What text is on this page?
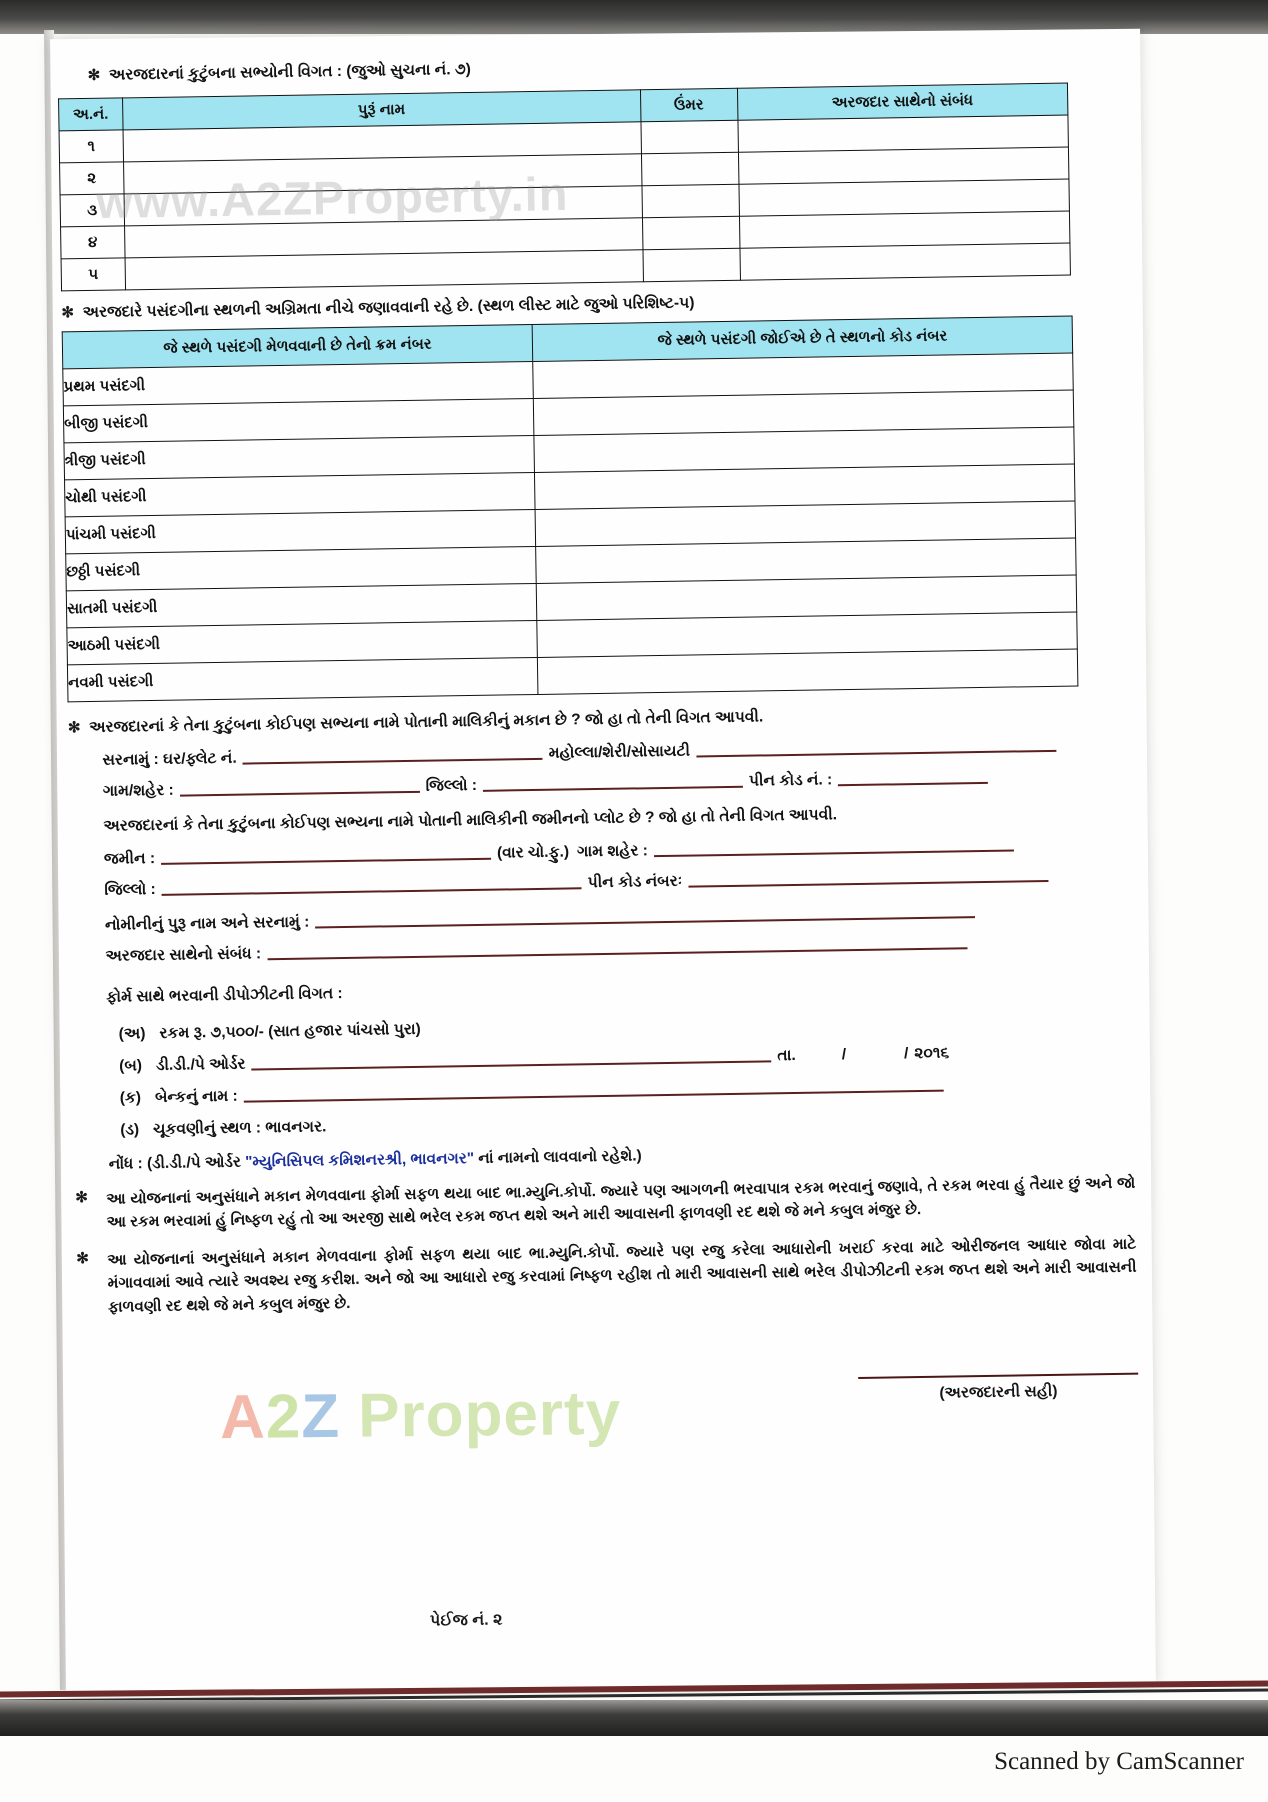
✻ અરજદારનાં કુટુંબના સભ્યોની વિગત : (જુઓ સુચના નં. ૭)
અ.નં.	પુરૂં નામ	ઉંમર	અરજદાર સાથેનો સંબંધ
૧			
૨			
૩			
૪			
૫			
✻ અરજદારે પસંદગીના સ્થળની અગ્રિમતા નીચે જણાવવાની રહે છે. (સ્થળ લીસ્ટ માટે જુઓ પરિશિષ્ટ-૫)
જે સ્થળે પસંદગી મેળવવાની છે તેનો ક્રમ નંબર	જે સ્થળે પસંદગી જોઈએ છે તે સ્થળનો કોડ નંબર
પ્રથમ પસંદગી	
બીજી પસંદગી	
ત્રીજી પસંદગી	
ચોથી પસંદગી	
પાંચમી પસંદગી	
છઠ્ઠી પસંદગી	
સાતમી પસંદગી	
આઠમી પસંદગી	
નવમી પસંદગી	
✻ અરજદારનાં કે તેના કુટુંબના કોઈપણ સભ્યના નામે પોતાની માલિકીનું મકાન છે ? જો હા તો તેની વિગત આપવી.
સરનામું : ઘર/ફ્લેટ નં.	મહોલ્લા/શેરી/સોસાયટી
ગામ/શહેર :	જિલ્લો :	પીન કોડ નં. :
અરજદારનાં કે તેના કુટુંબના કોઈપણ સભ્યના નામે પોતાની માલિકીની જમીનનો પ્લોટ છે ? જો હા તો તેની વિગત આપવી.
જમીન :	(વાર ચો.ફુ.) ગામ શહેર :
જિલ્લો :	પીન કોડ નંબરઃ
નોમીનીનું પુરૂ નામ અને સરનામું :
અરજદાર સાથેનો સંબંધ :
ફોર્મ સાથે ભરવાની ડીપોઝીટની વિગત :
(અ) રકમ રૂ. ૭,૫૦૦/- (સાત હજાર પાંચસો પુરા)
(બ) ડી.ડી./પે ઓર્ડર
તા.	/	/ ૨૦૧૬
(ક) બેન્કનું નામ :
(ડ) ચૂકવણીનું સ્થળ : ભાવનગર.
નોંધ : (ડી.ડી./પે ઓર્ડર "મ્યુનિસિપલ કમિશનરશ્રી, ભાવનગર" નાં નામનો લાવવાનો રહેશે.)
✻	આ યોજનાનાં અનુસંધાને મકાન મેળવવાના ફોર્મા સફળ થયા બાદ ભા.મ્યુનિ.કોર્પો. જ્યારે પણ આગળની ભરવાપાત્ર રકમ ભરવાનું જણાવે, તે રકમ ભરવા હું તૈયાર છું અને જો આ રકમ ભરવામાં હું નિષ્ફળ રહું તો આ અરજી સાથે ભરેલ રકમ જપ્ત થશે અને મારી આવાસની ફાળવણી રદ થશે જે મને કબુલ મંજુર છે.
✻	આ યોજનાનાં અનુસંધાને મકાન મેળવવાના ફોર્મા સફળ થયા બાદ ભા.મ્યુનિ.કોર્પો. જ્યારે પણ રજુ કરેલા આધારોની ખરાઈ કરવા માટે ઓરીજનલ આધાર જોવા માટે મંગાવવામાં આવે ત્યારે અવશ્ય રજુ કરીશ. અને જો આ આધારો રજુ કરવામાં નિષ્ફળ રહીશ તો મારી આવાસની સાથે ભરેલ ડીપોઝીટની રકમ જપ્ત થશે અને મારી આવાસની ફાળવણી રદ થશે જે મને કબુલ મંજુર છે.
(અરજદારની સહી)
www.A2ZProperty.in
A2Z Property
પેઈજ નં. ૨
Scanned by CamScanner
